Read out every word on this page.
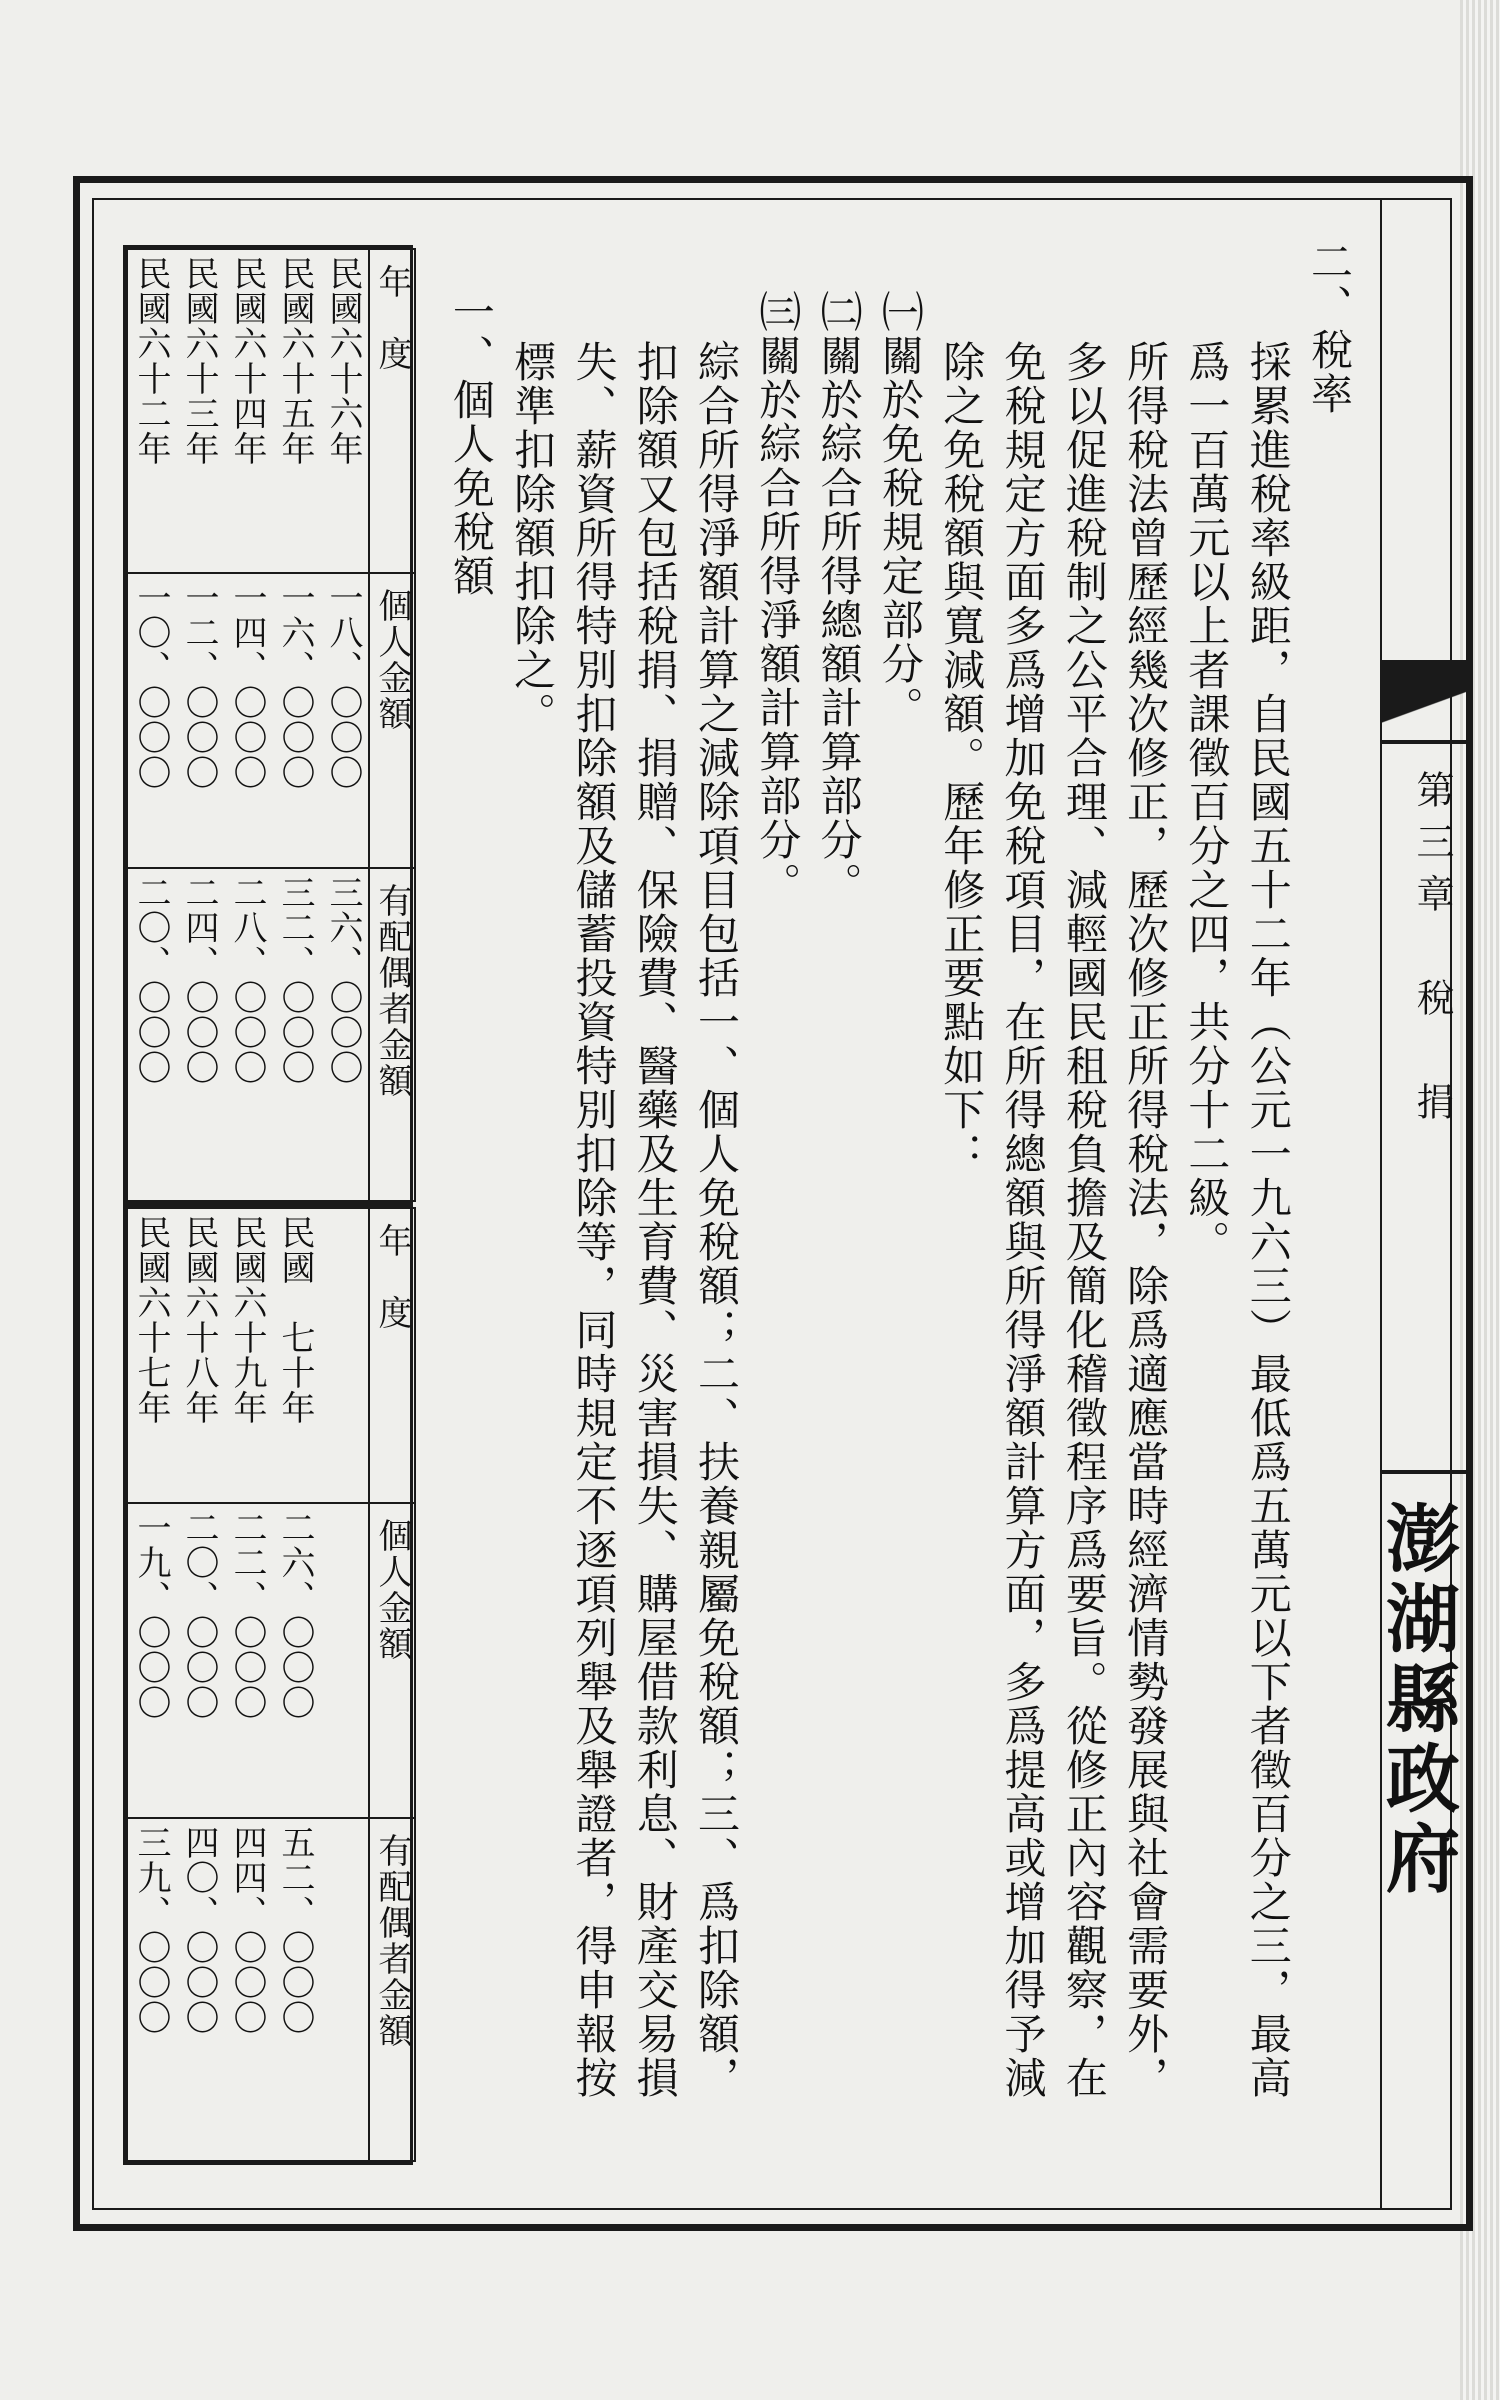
第三章　稅　捐
澎湖縣政府

二、稅率

採累進稅率級距，自民國五十二年（公元一九六三）最低爲五萬元以下者徵百分之三，最高爲一百萬元以上者課徵百分之四，共分十二級。

所得稅法曾歷經幾次修正，歷次修正所得稅法，除爲適應當時經濟情勢發展與社會需要外，多以促進稅制之公平合理、減輕國民租稅負擔及簡化稽徵程序爲要旨。從修正內容觀察，在免稅規定方面多爲增加免稅項目，在所得總額與所得淨額計算方面，多爲提高或增加得予減除之免稅額與寬減額。歷年修正要點如下：

㈠關於免稅規定部分。

㈡關於綜合所得總額計算部分。

㈢關於綜合所得淨額計算部分。

綜合所得淨額計算之減除項目包括一、個人免稅額；二、扶養親屬免稅額；三、爲扣除額，扣除額又包括稅捐、捐贈、保險費、醫藥及生育費、災害損失、購屋借款利息、財產交易損失、薪資所得特別扣除額及儲蓄投資特別扣除等，同時規定不逐項列舉及舉證者，得申報按標準扣除額扣除之。

一、個人免稅額

年　度	民國六十二年 民國六十三年 民國六十四年 民國六十五年 民國六十六年

個人金額	一〇、〇〇〇 一二、〇〇〇 一四、〇〇〇 一六、〇〇〇 一八、〇〇〇

有配偶者金額	二〇、〇〇〇 二四、〇〇〇 二八、〇〇〇 三二、〇〇〇 三六、〇〇〇
年　度	民國六十七年 民國六十八年 民國六十九年 民國　七十年

個人金額	一九、〇〇〇 二〇、〇〇〇 二二、〇〇〇 二六、〇〇〇

有配偶者金額	三九、〇〇〇 四〇、〇〇〇 四四、〇〇〇 五二、〇〇〇
